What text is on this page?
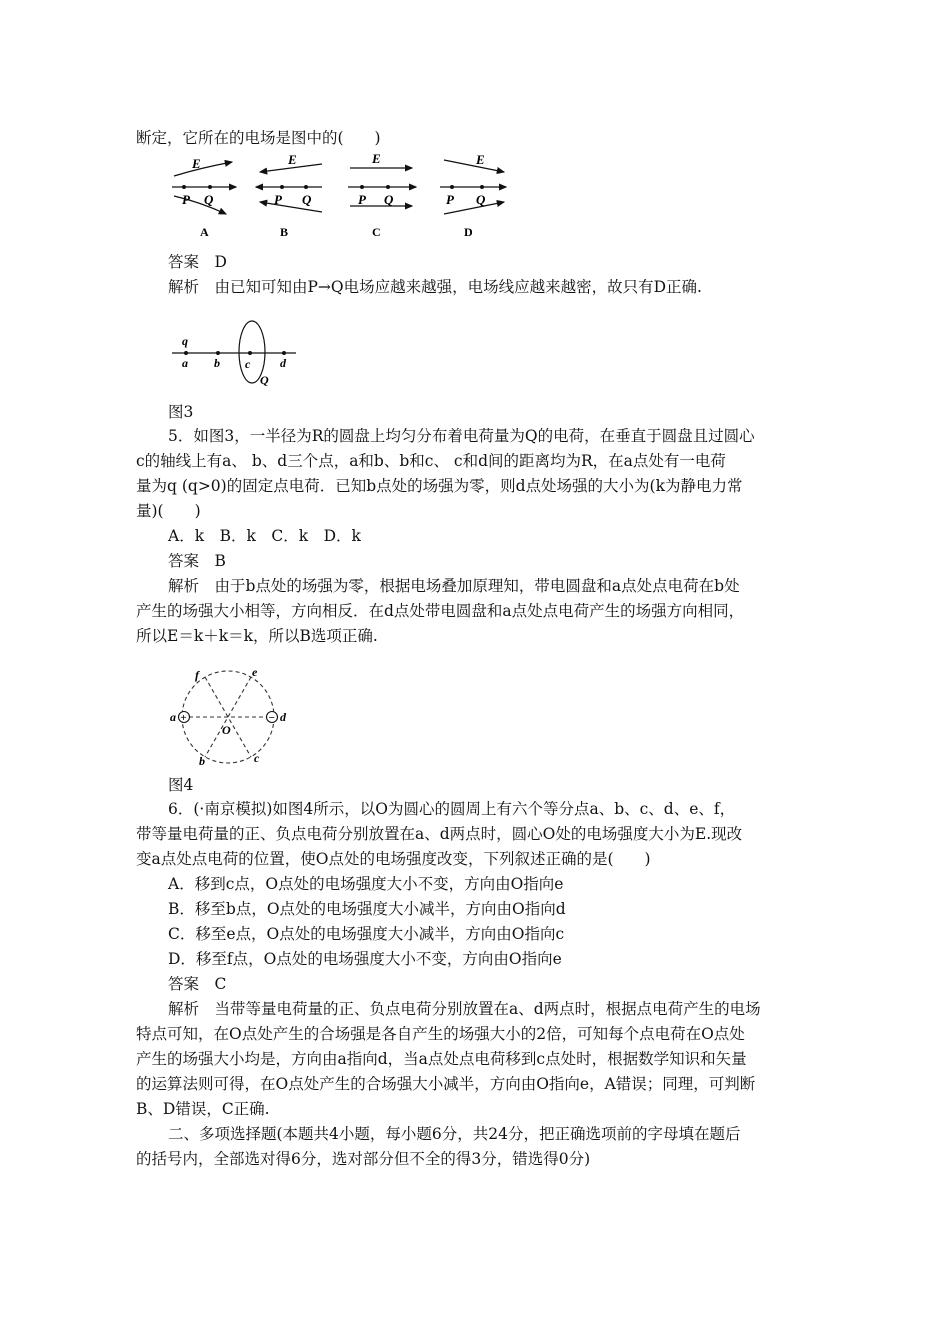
断定，它所在的电场是图中的(　　)
E
P Q
A
E
P Q
B
E
P Q
C
E
P Q
D
答案　D
解析　由已知可知由P→Q电场应越来越强，电场线应越来越密，故只有D正确.
q
a b c d
Q
图3
5．如图3，一半径为R的圆盘上均匀分布着电荷量为Q的电荷，在垂直于圆盘且过圆心
c的轴线上有a、 b、d三个点，a和b、b和c、 c和d间的距离均为R，在a点处有一电荷
量为q (q>0)的固定点电荷．已知b点处的场强为零，则d点处场强的大小为(k为静电力常
量)(　　)
A．k　B．k　C．k　D．k
答案　B
解析　由于b点处的场强为零，根据电场叠加原理知，带电圆盘和a点处点电荷在b处
产生的场强大小相等，方向相反．在d点处带电圆盘和a点处点电荷产生的场强方向相同，
所以E＝k＋k＝k，所以B选项正确.
+	−
a	d
f	e
b	c
O
图4
6．(·南京模拟)如图4所示，以O为圆心的圆周上有六个等分点a、b、c、d、e、f，
带等量电荷量的正、负点电荷分别放置在a、d两点时，圆心O处的电场强度大小为E.现改
变a点处点电荷的位置，使O点处的电场强度改变，下列叙述正确的是(　　)
A．移到c点，O点处的电场强度大小不变，方向由O指向e
B．移至b点，O点处的电场强度大小减半，方向由O指向d
C．移至e点，O点处的电场强度大小减半，方向由O指向c
D．移至f点，O点处的电场强度大小不变，方向由O指向e
答案　C
解析　当带等量电荷量的正、负点电荷分别放置在a、d两点时，根据点电荷产生的电场
特点可知，在O点处产生的合场强是各自产生的场强大小的2倍，可知每个点电荷在O点处
产生的场强大小均是，方向由a指向d，当a点处点电荷移到c点处时，根据数学知识和矢量
的运算法则可得，在O点处产生的合场强大小减半，方向由O指向e，A错误；同理，可判断
B、D错误，C正确.
二、多项选择题(本题共4小题，每小题6分，共24分，把正确选项前的字母填在题后
的括号内，全部选对得6分，选对部分但不全的得3分，错选得0分)
